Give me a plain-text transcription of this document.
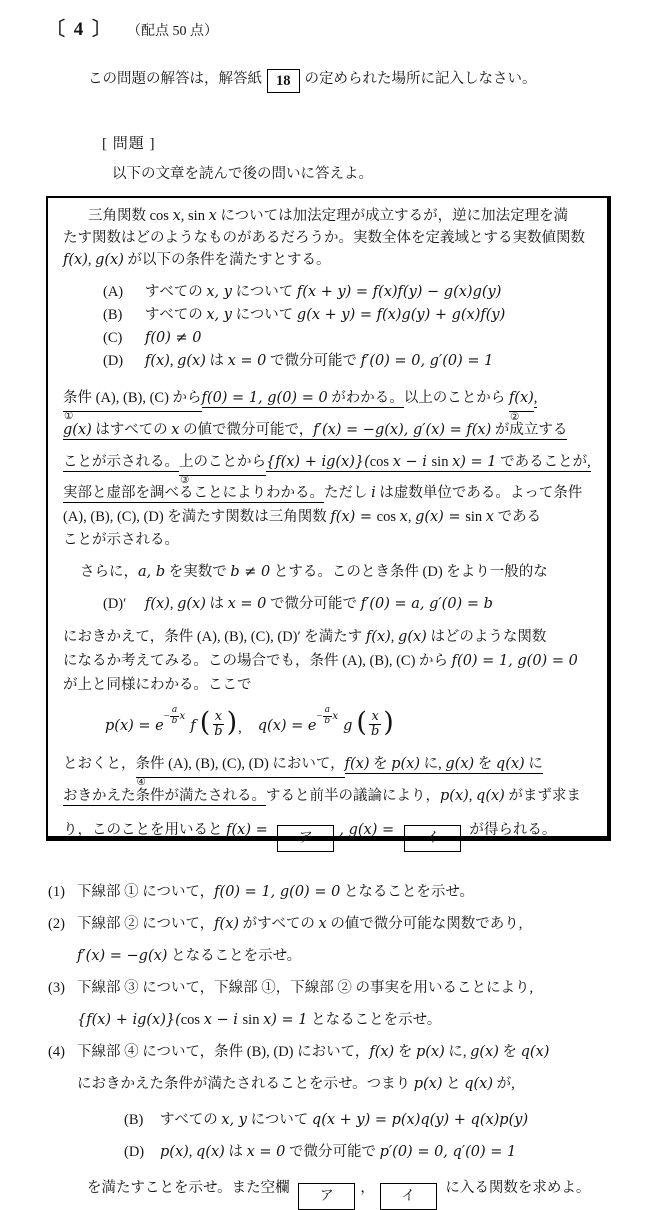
〔 4 〕 （配点 50 点）
この問題の解答は，解答紙 18 の定められた場所に記入しなさい。
[ 問題 ]
以下の文章を読んで後の問いに答えよ。
三角関数 cos x, sin x については加法定理が成立するが，逆に加法定理を満
たす関数はどのようなものがあるだろうか。実数全体を定義域とする実数値関数
f(x), g(x) が以下の条件を満たすとする。
(A) すべての x, y について f(x + y) = f(x)f(y) − g(x)g(y)
(B) すべての x, y について g(x + y) = f(x)g(y) + g(x)f(y)
(C) f(0) ≠ 0
(D) f(x), g(x) は x = 0 で微分可能で f′(0) = 0, g′(0) = 1
条件 (A), (B), (C) から
①
f(0) = 1, g(0) = 0 がわかる。以上のことから f(x)
②
,
g(x) はすべての x の値で微分可能で，f′(x) = −g(x), g′(x) = f(x) が成立する
ことが示される。上のことから
③
{f(x) + ig(x)}(cos x − i sin x) = 1 であることが,
実部と虚部を調べることによりわかる。ただし i は虚数単位である。よって条件
(A), (B), (C), (D) を満たす関数は三角関数 f(x) = cos x, g(x) = sin x である
ことが示される。
さらに，a, b を実数で b ≠ 0 とする。このとき条件 (D) をより一般的な
(D)′ f(x), g(x) は x = 0 で微分可能で f′(0) = a, g′(0) = b
におきかえて，条件 (A), (B), (C), (D)′ を満たす f(x), g(x) はどのような関数
になるか考えてみる。この場合でも，条件 (A), (B), (C) から f(0) = 1, g(0) = 0
が上と同様にわかる。ここで
p(x) = e
− $\frac{a}{b}$ x
f ( $\frac{x}{b}$ ) , q(x) = e
− $\frac{a}{b}$ x
g ( $\frac{x}{b}$ )
とおくと，条件 (A), (B), (C), (D) において，
④
f(x) を p(x) に, g(x) を q(x) に
おきかえた条件が満たされる。すると前半の議論により，p(x), q(x) がまず求ま
り，このことを用いると f(x) = ア, g(x) = イ が得られる。
(1) 下線部 ① について，f(0) = 1, g(0) = 0 となることを示せ。
(2) 下線部 ② について，f(x) がすべての x の値で微分可能な関数であり,
f′(x) = −g(x) となることを示せ。
(3) 下線部 ③ について，下線部 ①，下線部 ② の事実を用いることにより,
{f(x) + ig(x)}(cos x − i sin x) = 1 となることを示せ。
(4) 下線部 ④ について，条件 (B), (D) において，f(x) を p(x) に, g(x) を q(x)
におきかえた条件が満たされることを示せ。つまり p(x) と q(x) が,
(B) すべての x, y について q(x + y) = p(x)q(y) + q(x)p(y)
(D) p(x), q(x) は x = 0 で微分可能で p′(0) = 0, q′(0) = 1
を満たすことを示せ。また空欄 ア，イ に入る関数を求めよ。
